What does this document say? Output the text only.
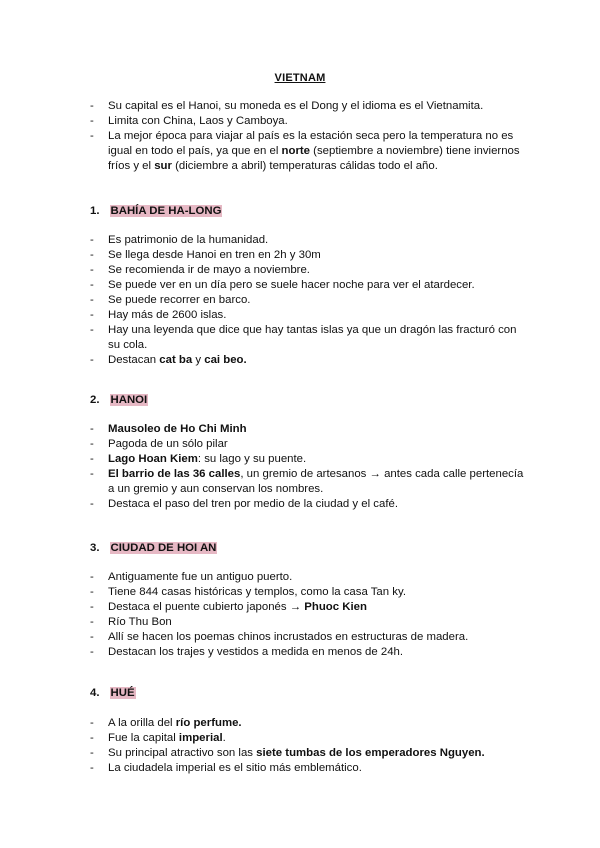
VIETNAM
- Su capital es el Hanoi, su moneda es el Dong y el idioma es el Vietnamita.
- Limita con China, Laos y Camboya.
- La mejor época para viajar al país es la estación seca pero la temperatura no es igual en todo el país, ya que en el norte (septiembre a noviembre) tiene inviernos fríos y el sur (diciembre a abril) temperaturas cálidas todo el año.
1. BAHÍA DE HA-LONG
- Es patrimonio de la humanidad.
- Se llega desde Hanoi en tren en 2h y 30m
- Se recomienda ir de mayo a noviembre.
- Se puede ver en un día pero se suele hacer noche para ver el atardecer.
- Se puede recorrer en barco.
- Hay más de 2600 islas.
- Hay una leyenda que dice que hay tantas islas ya que un dragón las fracturó con su cola.
- Destacan cat ba y cai beo.
2. HANOI
- Mausoleo de Ho Chi Minh
- Pagoda de un sólo pilar
- Lago Hoan Kiem: su lago y su puente.
- El barrio de las 36 calles, un gremio de artesanos → antes cada calle pertenecía a un gremio y aun conservan los nombres.
- Destaca el paso del tren por medio de la ciudad y el café.
3. CIUDAD DE HOI AN
- Antiguamente fue un antiguo puerto.
- Tiene 844 casas históricas y templos, como la casa Tan ky.
- Destaca el puente cubierto japonés → Phuoc Kien
- Río Thu Bon
- Allí se hacen los poemas chinos incrustados en estructuras de madera.
- Destacan los trajes y vestidos a medida en menos de 24h.
4. HUÉ
- A la orilla del río perfume.
- Fue la capital imperial.
- Su principal atractivo son las siete tumbas de los emperadores Nguyen.
- La ciudadela imperial es el sitio más emblemático.
